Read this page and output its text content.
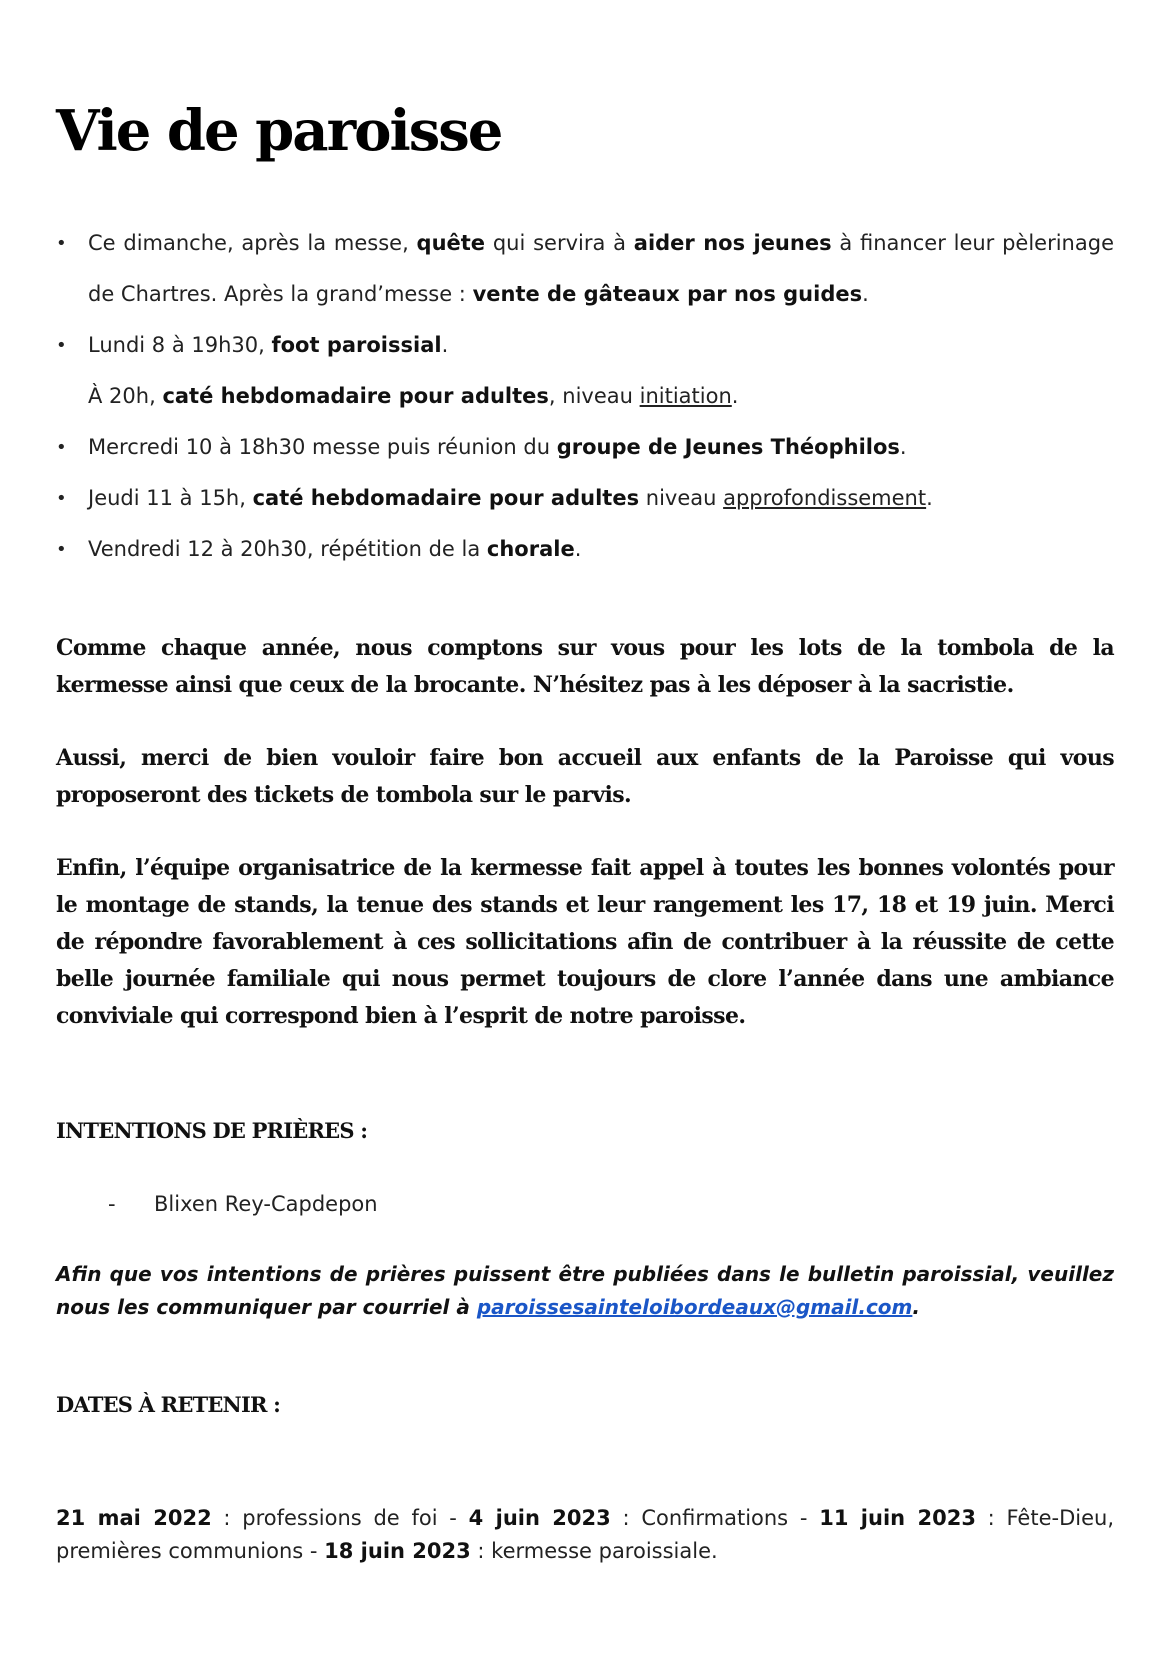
Vie de paroisse
•	Ce dimanche, après la messe, quête qui servira à aider nos jeunes à financer leur pèlerinage de Chartres. Après la grand’messe : vente de gâteaux par nos guides.
•	Lundi 8 à 19h30, foot paroissial.
À 20h, caté hebdomadaire pour adultes, niveau initiation.
•	Mercredi 10 à 18h30 messe puis réunion du groupe de Jeunes Théophilos.
•	Jeudi 11 à 15h, caté hebdomadaire pour adultes niveau approfondissement.
•	Vendredi 12 à 20h30, répétition de la chorale.

Comme chaque année, nous comptons sur vous pour les lots de la tombola de la kermesse ainsi que ceux de la brocante. N’hésitez pas à les déposer à la sacristie.

Aussi, merci de bien vouloir faire bon accueil aux enfants de la Paroisse qui vous proposeront des tickets de tombola sur le parvis.

Enfin, l’équipe organisatrice de la kermesse fait appel à toutes les bonnes volontés pour le montage de stands, la tenue des stands et leur rangement les 17, 18 et 19 juin. Merci de répondre favorablement à ces sollicitations afin de contribuer à la réussite de cette belle journée familiale qui nous permet toujours de clore l’année dans une ambiance conviviale qui correspond bien à l’esprit de notre paroisse.

INTENTIONS DE PRIÈRES :
- Blixen Rey-Capdepon

Afin que vos intentions de prières puissent être publiées dans le bulletin paroissial, veuillez nous les communiquer par courriel à paroissesainteloibordeaux@gmail.com.

DATES À RETENIR :

21 mai 2022 : professions de foi - 4 juin 2023 : Confirmations - 11 juin 2023 : Fête-Dieu, premières communions - 18 juin 2023 : kermesse paroissiale.
